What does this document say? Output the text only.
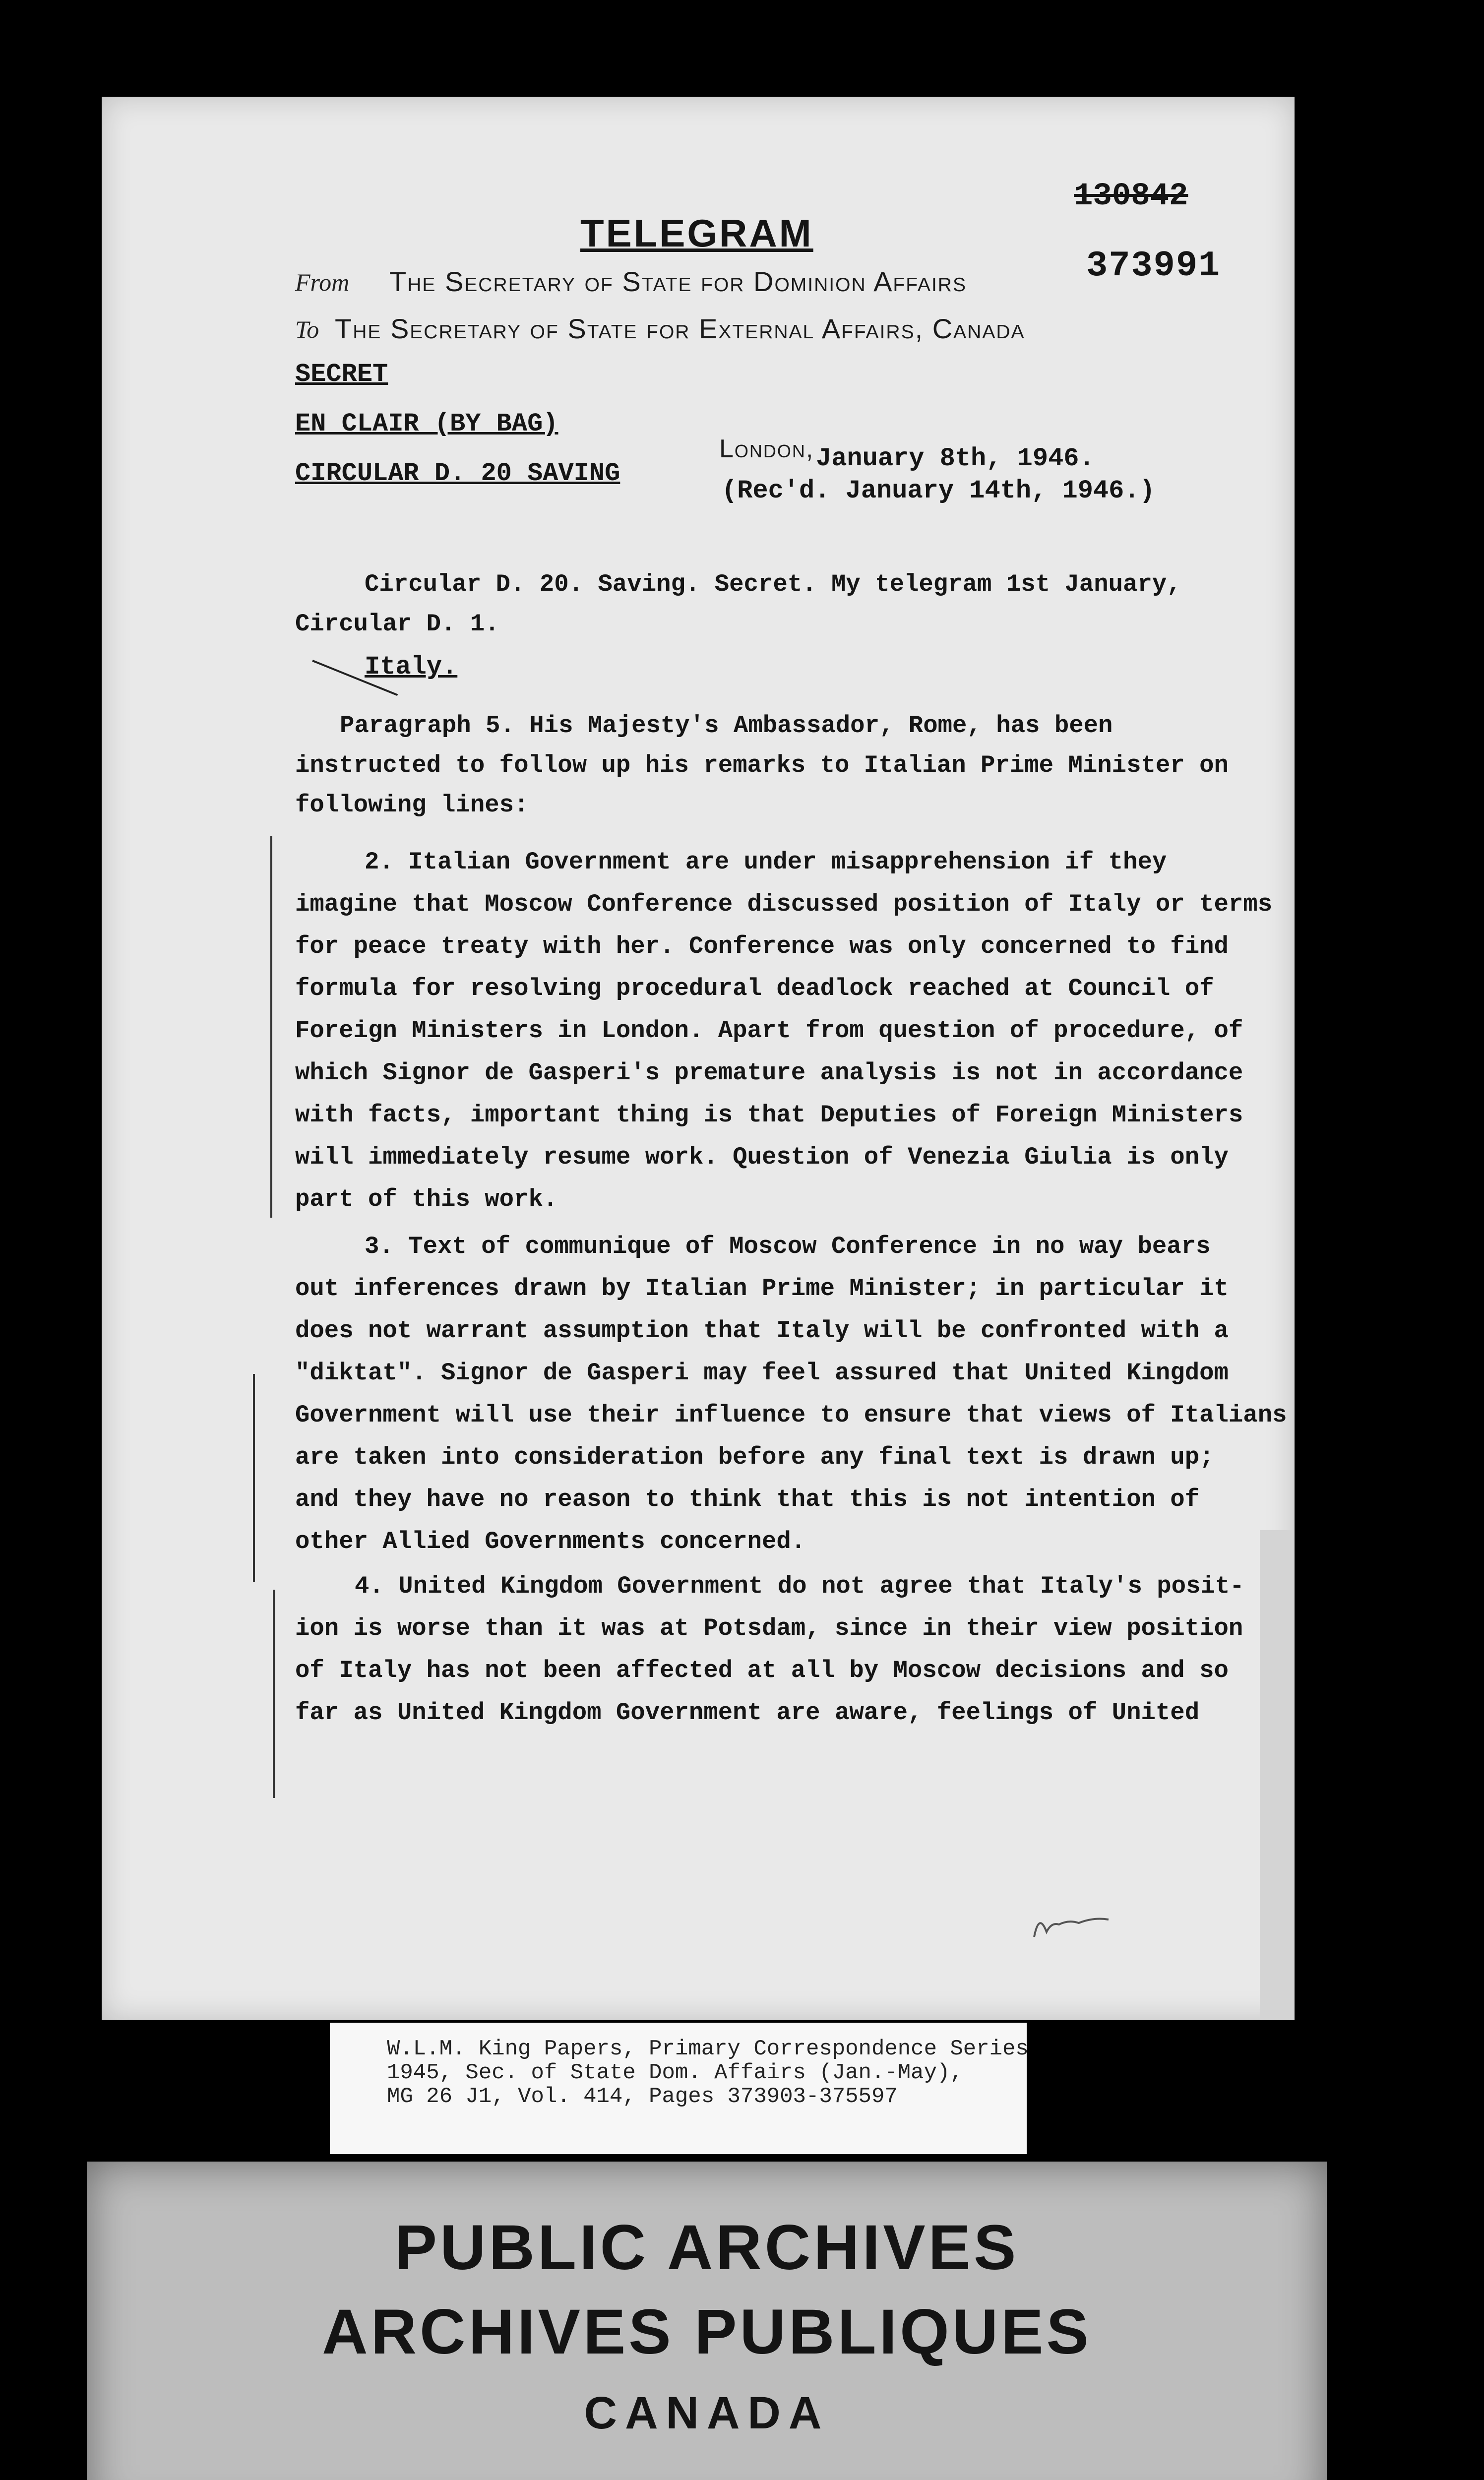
TELEGRAM
130842
373991
From The Secretary of State for Dominion Affairs
To The Secretary of State for External Affairs, Canada
SECRET
EN CLAIR (BY BAG)
CIRCULAR D. 20 SAVING
London, January 8th, 1946.
(Rec'd. January 14th, 1946.)
Circular D. 20. Saving. Secret. My telegram 1st January,
Circular D. 1.
Italy.
Paragraph 5. His Majesty's Ambassador, Rome, has been
instructed to follow up his remarks to Italian Prime Minister on
following lines:
2. Italian Government are under misapprehension if they
imagine that Moscow Conference discussed position of Italy or terms
for peace treaty with her. Conference was only concerned to find
formula for resolving procedural deadlock reached at Council of
Foreign Ministers in London. Apart from question of procedure, of
which Signor de Gasperi's premature analysis is not in accordance
with facts, important thing is that Deputies of Foreign Ministers
will immediately resume work. Question of Venezia Giulia is only
part of this work.
3. Text of communique of Moscow Conference in no way bears
out inferences drawn by Italian Prime Minister; in particular it
does not warrant assumption that Italy will be confronted with a
"diktat". Signor de Gasperi may feel assured that United Kingdom
Government will use their influence to ensure that views of Italians
are taken into consideration before any final text is drawn up;
and they have no reason to think that this is not intention of
other Allied Governments concerned.
4. United Kingdom Government do not agree that Italy's posit-
ion is worse than it was at Potsdam, since in their view position
of Italy has not been affected at all by Moscow decisions and so
far as United Kingdom Government are aware, feelings of United
W.L.M. King Papers, Primary Correspondence Series
1945, Sec. of State Dom. Affairs (Jan.-May),
MG 26 J1, Vol. 414, Pages 373903-375597
PUBLIC ARCHIVES
ARCHIVES PUBLIQUES
CANADA
